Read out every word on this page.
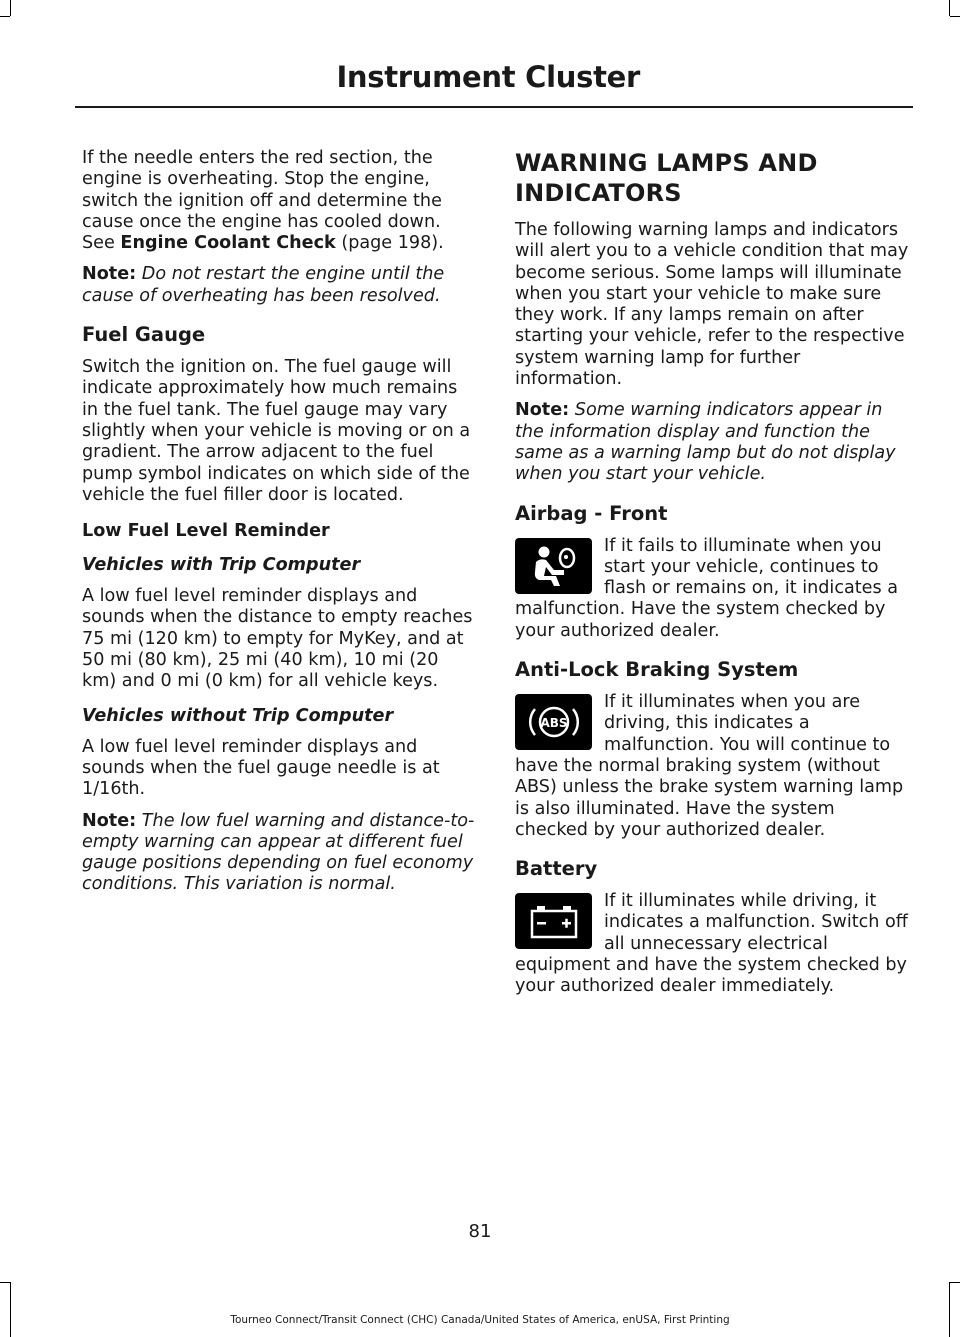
Instrument Cluster

If the needle enters the red section, the engine is overheating. Stop the engine, switch the ignition off and determine the cause once the engine has cooled down. See Engine Coolant Check (page 198).

Note: Do not restart the engine until the cause of overheating has been resolved.

Fuel Gauge

Switch the ignition on. The fuel gauge will indicate approximately how much remains in the fuel tank. The fuel gauge may vary slightly when your vehicle is moving or on a gradient. The arrow adjacent to the fuel pump symbol indicates on which side of the vehicle the fuel filler door is located.

Low Fuel Level Reminder
Vehicles with Trip Computer

A low fuel level reminder displays and sounds when the distance to empty reaches 75 mi (120 km) to empty for MyKey, and at 50 mi (80 km), 25 mi (40 km), 10 mi (20 km) and 0 mi (0 km) for all vehicle keys.

Vehicles without Trip Computer

A low fuel level reminder displays and sounds when the fuel gauge needle is at 1/16th.

Note: The low fuel warning and distance-to-empty warning can appear at different fuel gauge positions depending on fuel economy conditions. This variation is normal.

WARNING LAMPS AND
INDICATORS

The following warning lamps and indicators will alert you to a vehicle condition that may become serious. Some lamps will illuminate when you start your vehicle to make sure they work. If any lamps remain on after starting your vehicle, refer to the respective system warning lamp for further information.

Note: Some warning indicators appear in the information display and function the same as a warning lamp but do not display when you start your vehicle.

Airbag - Front
If it fails to illuminate when you start your vehicle, continues to flash or remains on, it indicates a malfunction. Have the system checked by your authorized dealer.
Anti-Lock Braking System
ABS
If it illuminates when you are driving, this indicates a malfunction. You will continue to have the normal braking system (without ABS) unless the brake system warning lamp is also illuminated. Have the system checked by your authorized dealer.
Battery
If it illuminates while driving, it indicates a malfunction. Switch off all unnecessary electrical equipment and have the system checked by your authorized dealer immediately.
81
Tourneo Connect/Transit Connect (CHC) Canada/United States of America, enUSA, First Printing
